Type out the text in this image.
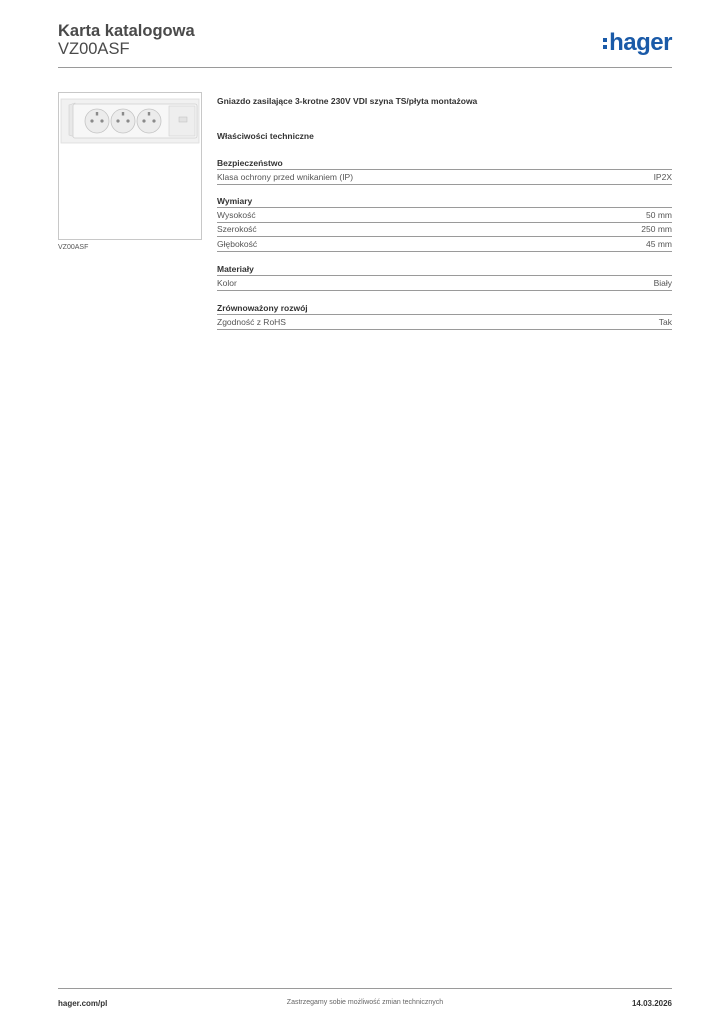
Karta katalogowa
VZ00ASF	hager
VZ00ASF
Gniazdo zasilające 3-krotne 230V VDI szyna TS/płyta montażowa
Właściwości techniczne
Bezpieczeństwo
Klasa ochrony przed wnikaniem (IP)	IP2X
Wymiary
Wysokość	50 mm
Szerokość	250 mm
Głębokość	45 mm
Materiały
Kolor	Biały
Zrównoważony rozwój
Zgodność z RoHS	Tak
hager.com/pl	Zastrzegamy sobie możliwość zmian technicznych	14.03.2026
